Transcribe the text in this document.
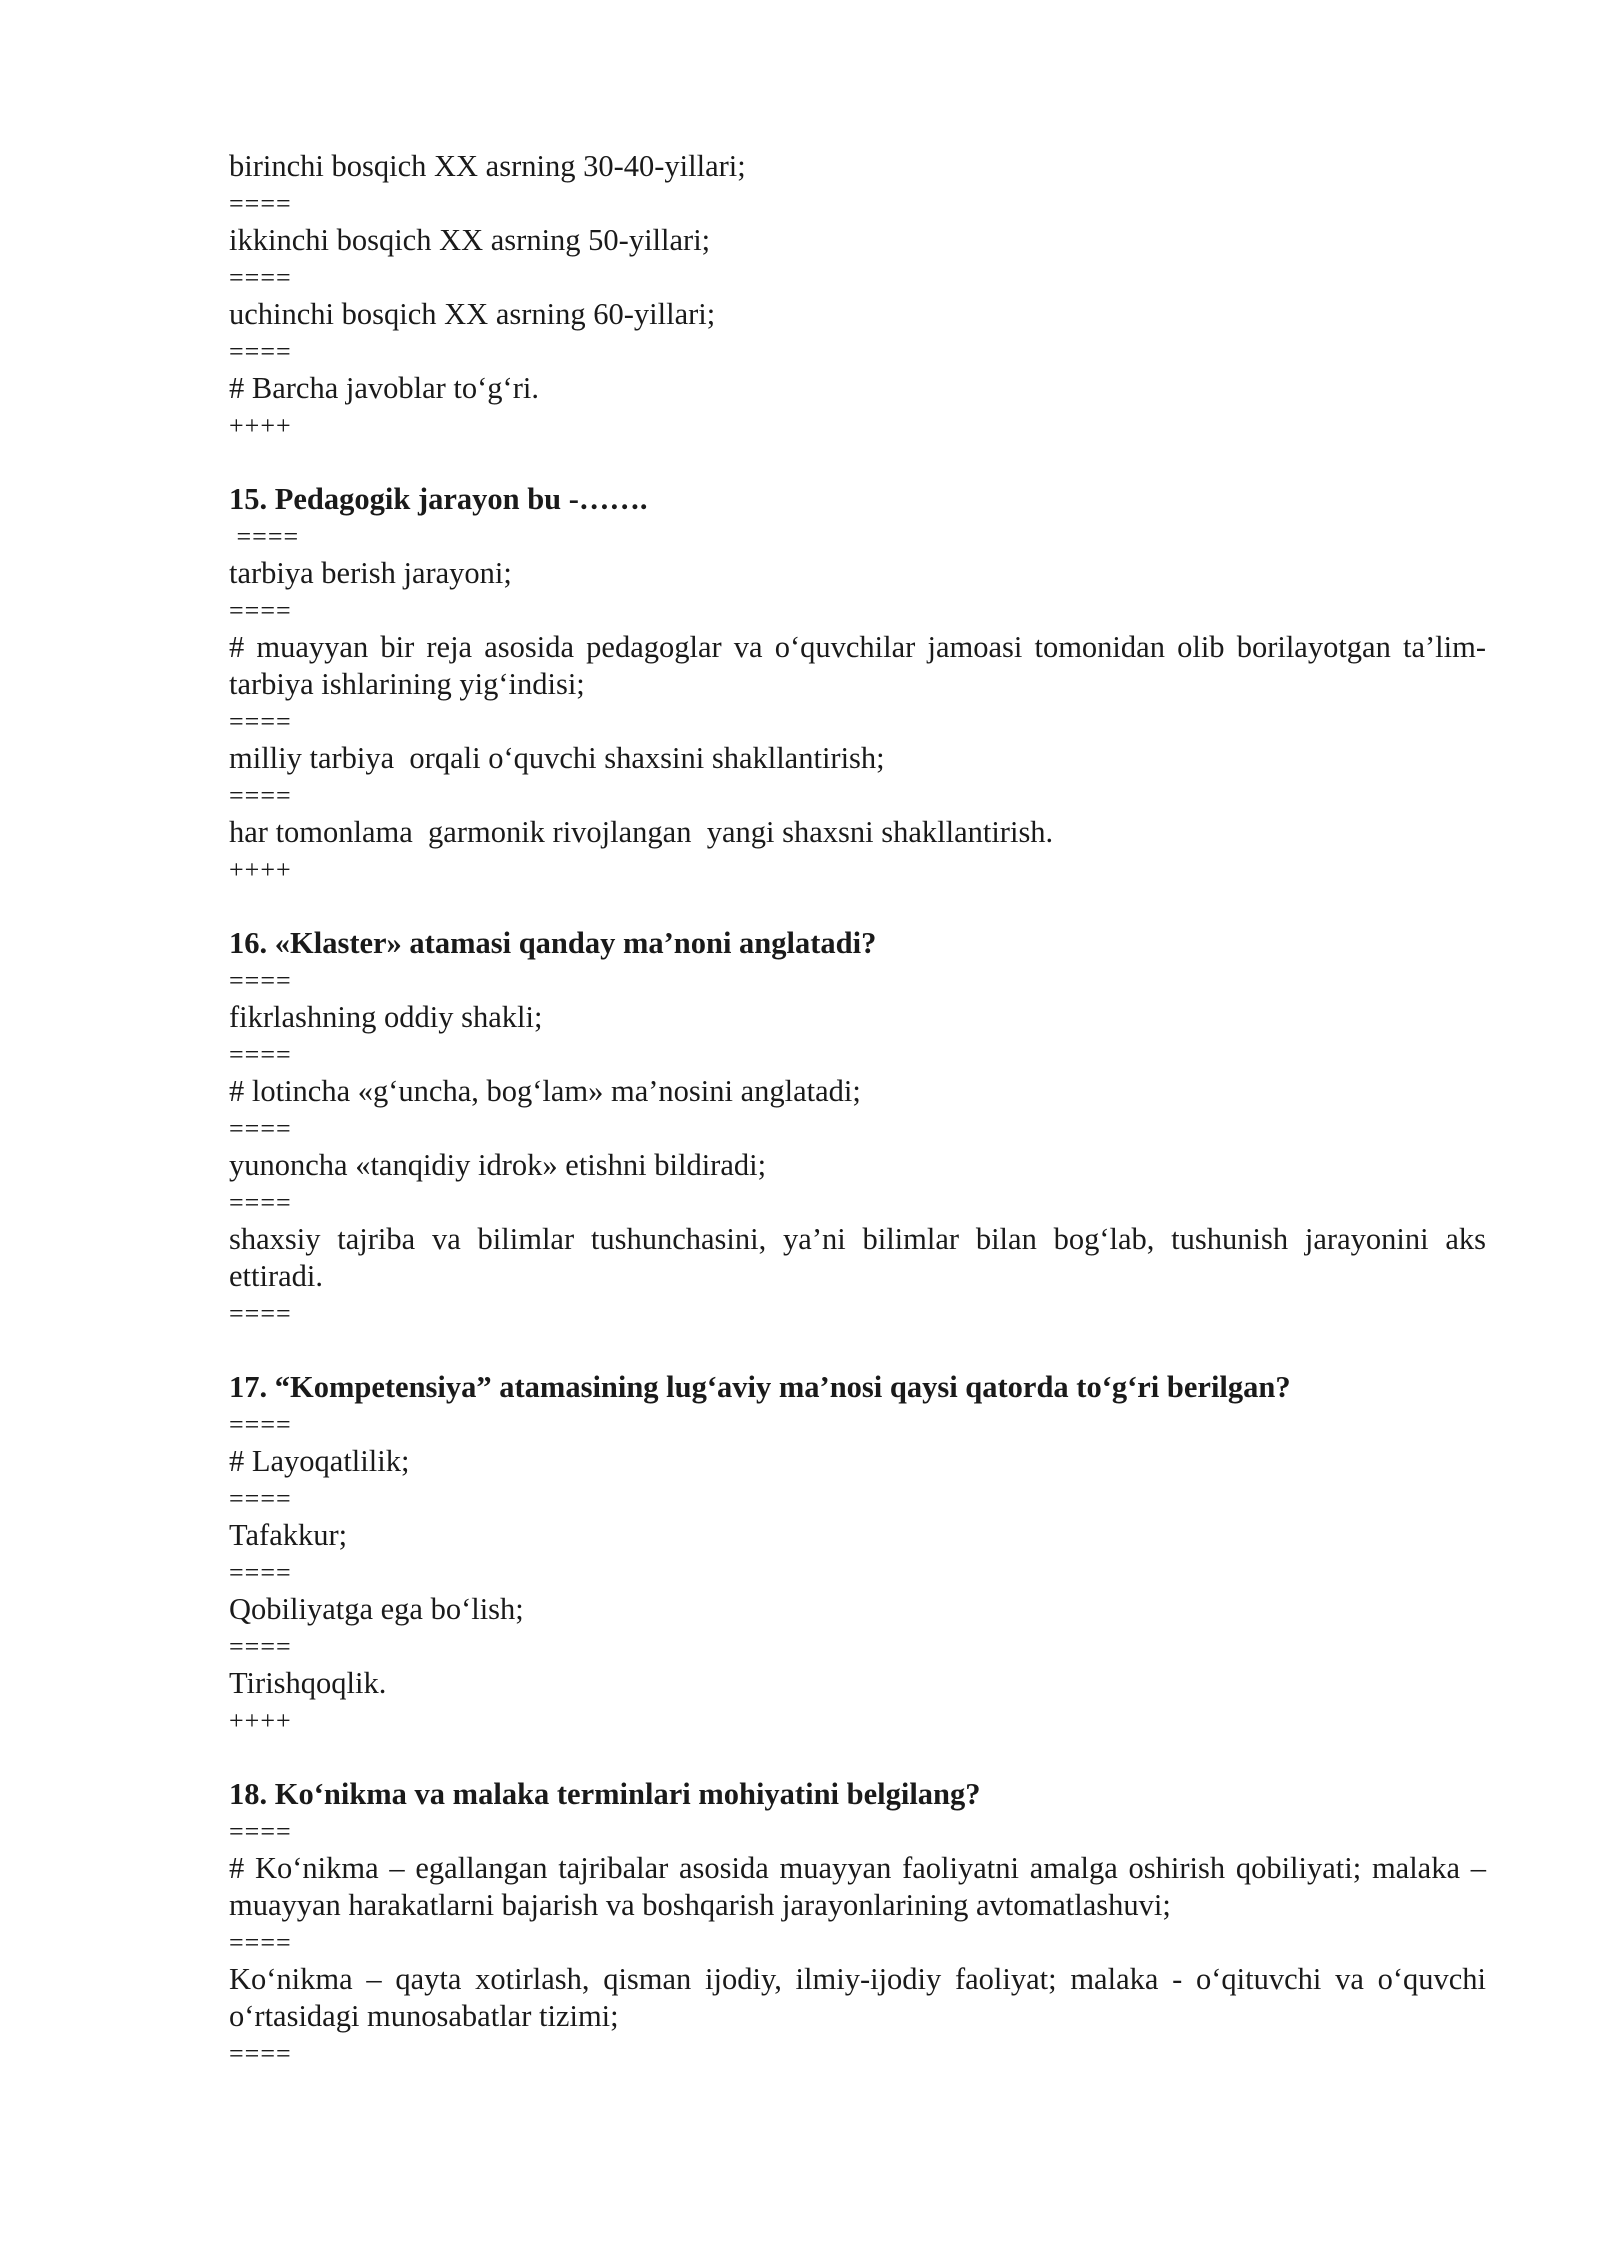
birinchi bosqich XX asrning 30-40-yillari;
====
ikkinchi bosqich XX asrning 50-yillari;
====
uchinchi bosqich XX asrning 60-yillari;
====
# Barcha javoblar to‘g‘ri.
++++
15. Pedagogik jarayon bu -…….
====
tarbiya berish jarayoni;
====
# muayyan bir reja asosida pedagoglar va o‘quvchilar jamoasi tomonidan olib borilayotgan ta’lim-tarbiya ishlarining yig‘indisi;
====
milliy tarbiya  orqali o‘quvchi shaxsini shakllantirish;
====
har tomonlama  garmonik rivojlangan  yangi shaxsni shakllantirish.
++++
16. «Klaster» atamasi qanday ma’noni anglatadi?
====
fikrlashning oddiy shakli;
====
# lotincha «g‘uncha, bog‘lam» ma’nosini anglatadi;
====
yunoncha «tanqidiy idrok» etishni bildiradi;
====
shaxsiy tajriba va bilimlar tushunchasini, ya’ni bilimlar bilan bog‘lab, tushunish jarayonini aks ettiradi.
====
17. “Kompetensiya” atamasining lug‘aviy ma’nosi qaysi qatorda to‘g‘ri berilgan?
====
# Layoqatlilik;
====
Tafakkur;
====
Qobiliyatga ega bo‘lish;
====
Tirishqoqlik.
++++
18. Ko‘nikma va malaka terminlari mohiyatini belgilang?
====
# Ko‘nikma – egallangan tajribalar asosida muayyan faoliyatni amalga oshirish qobiliyati; malaka – muayyan harakatlarni bajarish va boshqarish jarayonlarining avtomatlashuvi;
====
Ko‘nikma – qayta xotirlash, qisman ijodiy, ilmiy-ijodiy faoliyat; malaka - o‘qituvchi va o‘quvchi o‘rtasidagi munosabatlar tizimi;
====
